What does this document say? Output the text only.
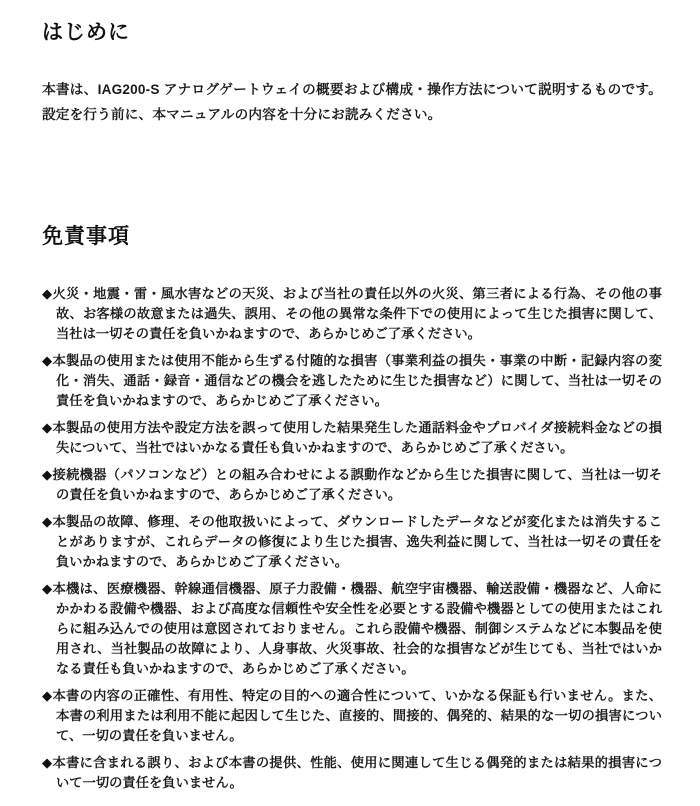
はじめに

本書は、IAG200-S アナログゲートウェイの概要および構成・操作方法について説明するものです。設定を行う前に、本マニュアルの内容を十分にお読みください。

免責事項
◆火災・地震・雷・風水害などの天災、および当社の責任以外の火災、第三者による行為、その他の事故、お客様の故意または過失、誤用、その他の異常な条件下での使用によって生じた損害に関して、当社は一切その責任を負いかねますので、あらかじめご了承ください。
◆本製品の使用または使用不能から生ずる付随的な損害（事業利益の損失・事業の中断・記録内容の変化・消失、通話・録音・通信などの機会を逃したために生じた損害など）に関して、当社は一切その責任を負いかねますので、あらかじめご了承ください。
◆本製品の使用方法や設定方法を誤って使用した結果発生した通話料金やプロバイダ接続料金などの損失について、当社ではいかなる責任も負いかねますので、あらかじめご了承ください。
◆接続機器（パソコンなど）との組み合わせによる誤動作などから生じた損害に関して、当社は一切その責任を負いかねますので、あらかじめご了承ください。
◆本製品の故障、修理、その他取扱いによって、ダウンロードしたデータなどが変化または消失することがありますが、これらデータの修復により生じた損害、逸失利益に関して、当社は一切その責任を負いかねますので、あらかじめご了承ください。
◆本機は、医療機器、幹線通信機器、原子力設備・機器、航空宇宙機器、輸送設備・機器など、人命にかかわる設備や機器、および高度な信頼性や安全性を必要とする設備や機器としての使用またはこれらに組み込んでの使用は意図されておりません。これら設備や機器、制御システムなどに本製品を使用され、当社製品の故障により、人身事故、火災事故、社会的な損害などが生じても、当社ではいかなる責任も負いかねますので、あらかじめご了承ください。
◆本書の内容の正確性、有用性、特定の目的への適合性について、いかなる保証も行いません。また、本書の利用または利用不能に起因して生じた、直接的、間接的、偶発的、結果的な一切の損害について、一切の責任を負いません。
◆本書に含まれる誤り、および本書の提供、性能、使用に関連して生じる偶発的または結果的損害について一切の責任を負いません。
